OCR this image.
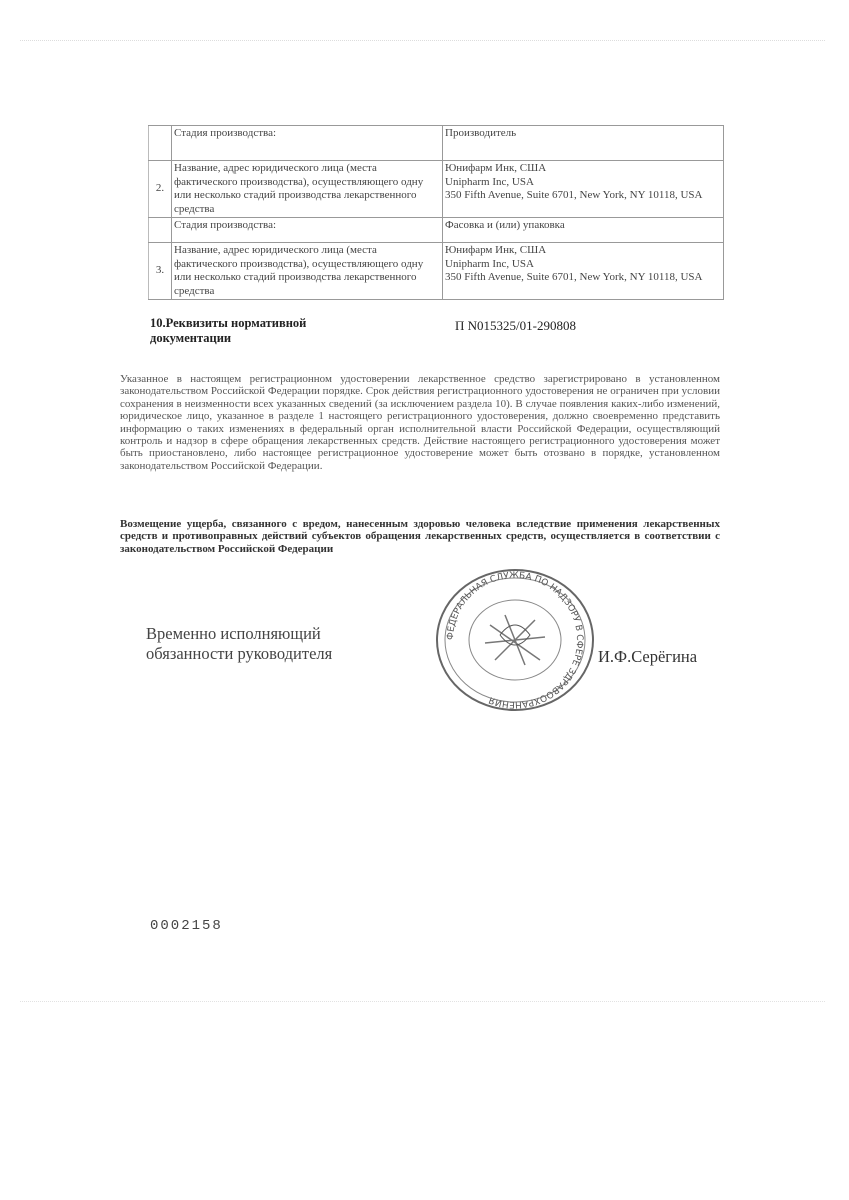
	Стадия производства:	Производитель

2.	Название, адрес юридического лица (места фактического производства), осуществляющего одну или несколько стадий производства лекарственного средства	Юнифарм Инк, США
Unipharm Inc, USA
350 Fifth Avenue, Suite 6701, New York, NY 10118, USA

	Стадия производства:	Фасовка и (или) упаковка

3.	Название, адрес юридического лица (места фактического производства), осуществляющего одну или несколько стадий производства лекарственного средства	Юнифарм Инк, США
Unipharm Inc, USA
350 Fifth Avenue, Suite 6701, New York, NY 10118, USA
10.Реквизиты нормативной документации
П N015325/01-290808
Указанное в настоящем регистрационном удостоверении лекарственное средство зарегистрировано в установленном законодательством Российской Федерации порядке. Срок действия регистрационного удостоверения не ограничен при условии сохранения в неизменности всех указанных сведений (за исключением раздела 10). В случае появления каких-либо изменений, юридическое лицо, указанное в разделе 1 настоящего регистрационного удостоверения, должно своевременно представить информацию о таких изменениях в федеральный орган исполнительной власти Российской Федерации, осуществляющий контроль и надзор в сфере обращения лекарственных средств. Действие настоящего регистрационного удостоверения может быть приостановлено, либо настоящее регистрационное удостоверение может быть отозвано в порядке, установленном законодательством Российской Федерации.
Возмещение ущерба, связанного с вредом, нанесенным здоровью человека вследствие применения лекарственных средств и противоправных действий субъектов обращения лекарственных средств, осуществляется в соответствии с законодательством Российской Федерации
Временно исполняющий
обязанности руководителя
ФЕДЕРАЛЬНАЯ СЛУЖБА ПО НАДЗОРУ В СФЕРЕ ЗДРАВООХРАНЕНИЯ
И.Ф.Серёгина
0002158
